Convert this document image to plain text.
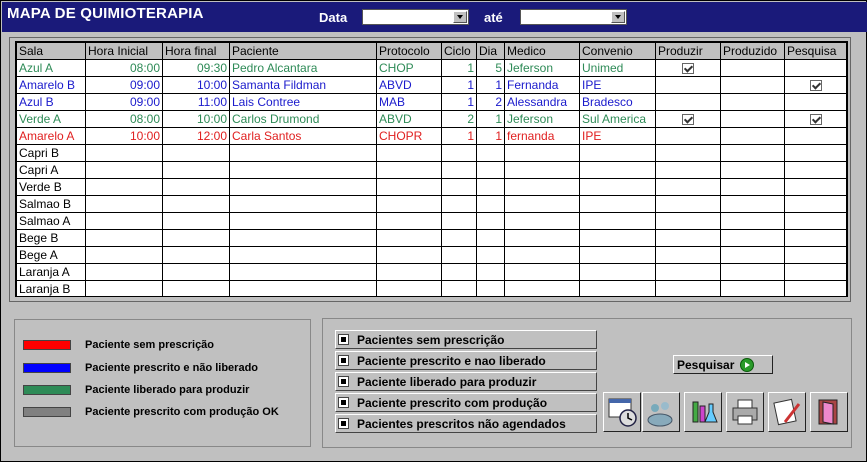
MAPA DE QUIMIOTERAPIA	Data	até
Sala	Hora Inicial	Hora final	Paciente	Protocolo	Ciclo	Dia	Medico	Convenio	Produzir	Produzido	Pesquisa
Azul A	08:00	09:30	Pedro Alcantara	CHOP	1	5	Jeferson	Unimed			
Amarelo B	09:00	10:00	Samanta Fildman	ABVD	1	1	Fernanda	IPE			
Azul B	09:00	11:00	Lais Contree	MAB	1	2	Alessandra	Bradesco			
Verde A	08:00	10:00	Carlos Drumond	ABVD	2	1	Jeferson	Sul America			
Amarelo A	10:00	12:00	Carla Santos	CHOPR	1	1	fernanda	IPE			
Capri B											
Capri A											
Verde B											
Salmao B											
Salmao A											
Bege B											
Bege A											
Laranja A											
Laranja B											
Paciente sem prescrição
Paciente prescrito e não liberado
Paciente liberado para produzir
Paciente prescrito com produção OK
Pacientes sem prescrição
Paciente prescrito e nao liberado
Paciente liberado para produzir
Paciente prescrito com produção
Pacientes prescritos não agendados
Pesquisar
